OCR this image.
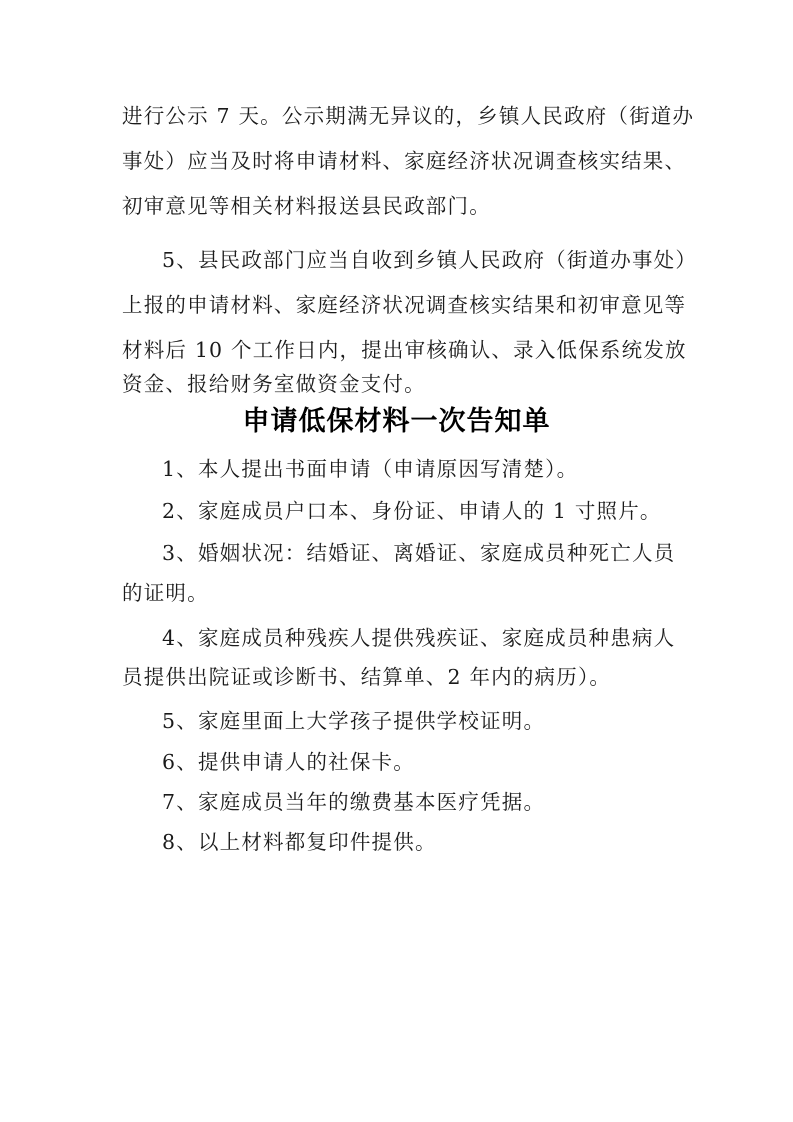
进行公示 7 天。公示期满无异议的，乡镇人民政府（街道办
事处）应当及时将申请材料、家庭经济状况调查核实结果、
初审意见等相关材料报送县民政部门。
5、县民政部门应当自收到乡镇人民政府（街道办事处）
上报的申请材料、家庭经济状况调查核实结果和初审意见等
材料后 10 个工作日内，提出审核确认、录入低保系统发放
资金、报给财务室做资金支付。
申请低保材料一次告知单
1、本人提出书面申请（申请原因写清楚）。
2、家庭成员户口本、身份证、申请人的 1 寸照片。
3、婚姻状况：结婚证、离婚证、家庭成员种死亡人员
的证明。
4、家庭成员种残疾人提供残疾证、家庭成员种患病人
员提供出院证或诊断书、结算单、2 年内的病历）。
5、家庭里面上大学孩子提供学校证明。
6、提供申请人的社保卡。
7、家庭成员当年的缴费基本医疗凭据。
8、以上材料都复印件提供。
